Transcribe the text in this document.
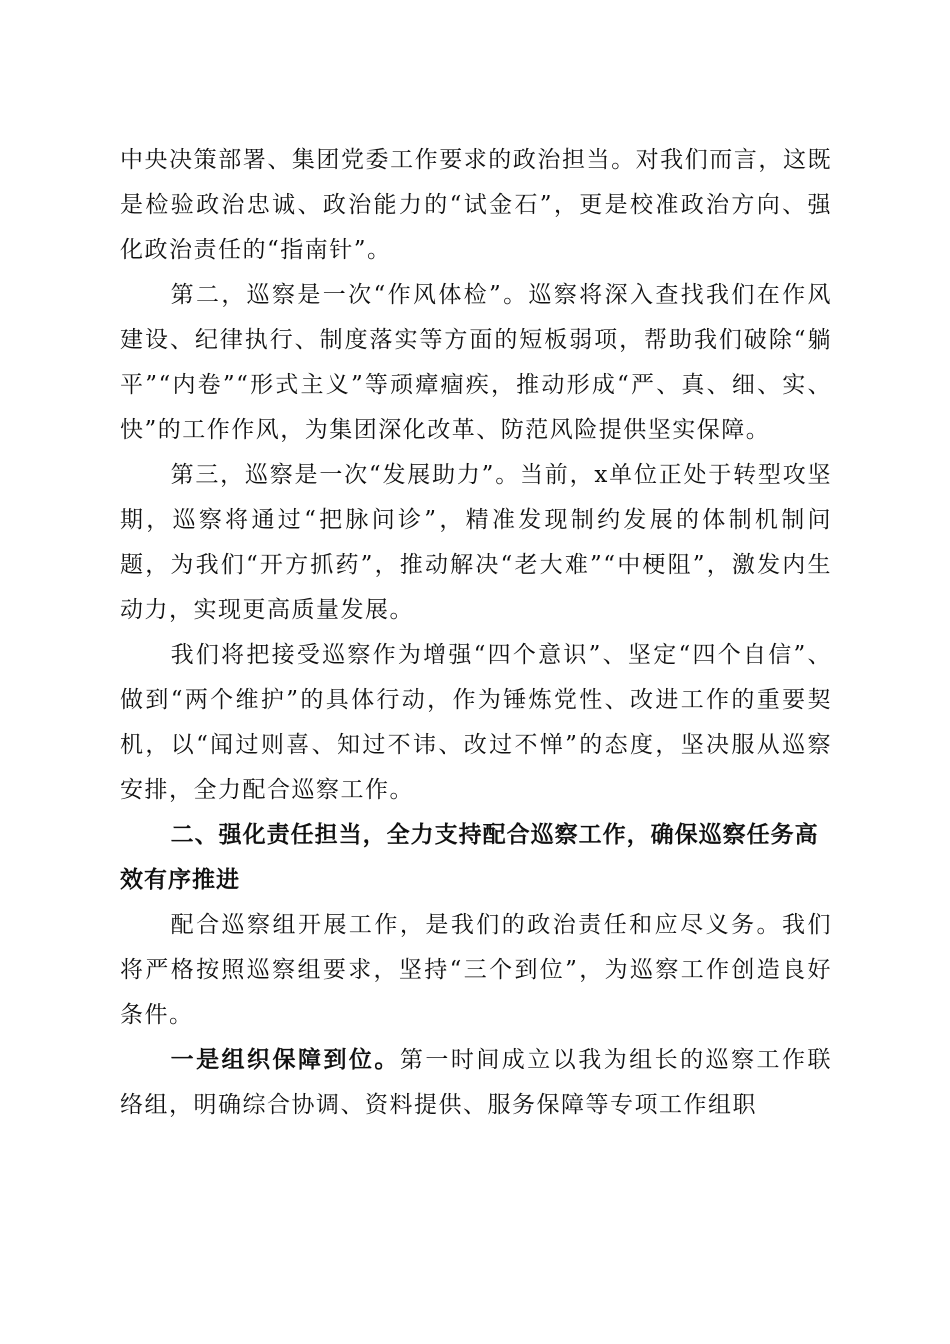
中央决策部署、集团党委工作要求的政治担当。对我们而言，这既是检验政治忠诚、政治能力的“试金石”，更是校准政治方向、强化政治责任的“指南针”。

第二，巡察是一次“作风体检”。巡察将深入查找我们在作风建设、纪律执行、制度落实等方面的短板弱项，帮助我们破除“躺平”“内卷”“形式主义”等顽瘴痼疾，推动形成“严、真、细、实、快”的工作作风，为集团深化改革、防范风险提供坚实保障。

第三，巡察是一次“发展助力”。当前，x单位正处于转型攻坚期，巡察将通过“把脉问诊”，精准发现制约发展的体制机制问题，为我们“开方抓药”，推动解决“老大难”“中梗阻”，激发内生动力，实现更高质量发展。

我们将把接受巡察作为增强“四个意识”、坚定“四个自信”、做到“两个维护”的具体行动，作为锤炼党性、改进工作的重要契机，以“闻过则喜、知过不讳、改过不惮”的态度，坚决服从巡察安排，全力配合巡察工作。

二、强化责任担当，全力支持配合巡察工作，确保巡察任务高效有序推进

配合巡察组开展工作，是我们的政治责任和应尽义务。我们将严格按照巡察组要求，坚持“三个到位”，为巡察工作创造良好条件。

一是组织保障到位。第一时间成立以我为组长的巡察工作联络组，明确综合协调、资料提供、服务保障等专项工作组职
